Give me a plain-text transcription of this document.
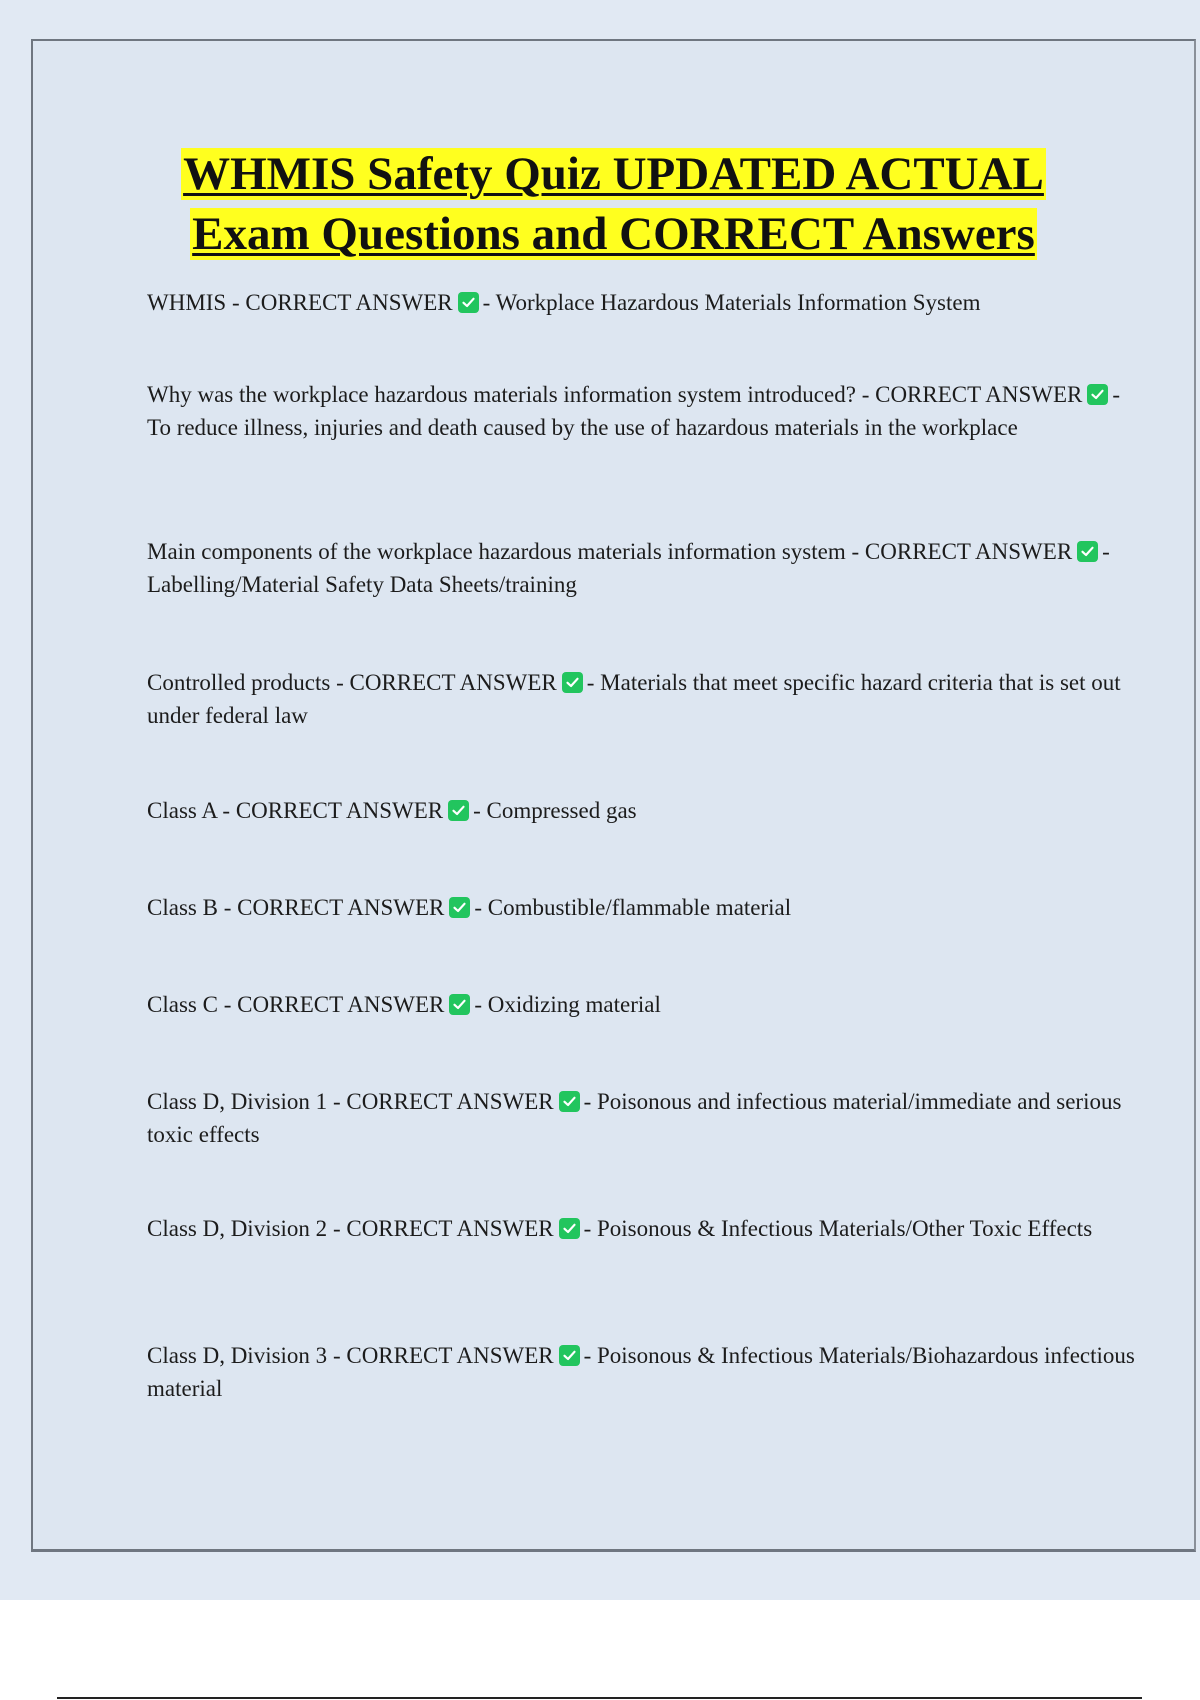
WHMIS Safety Quiz UPDATED ACTUAL
Exam Questions and CORRECT Answers

WHMIS - CORRECT ANSWER - Workplace Hazardous Materials Information System

Why was the workplace hazardous materials information system introduced? - CORRECT ANSWER - To reduce illness, injuries and death caused by the use of hazardous materials in the workplace

Main components of the workplace hazardous materials information system - CORRECT ANSWER - Labelling/Material Safety Data Sheets/training

Controlled products - CORRECT ANSWER - Materials that meet specific hazard criteria that is set out under federal law

Class A - CORRECT ANSWER - Compressed gas

Class B - CORRECT ANSWER - Combustible/flammable material

Class C - CORRECT ANSWER - Oxidizing material

Class D, Division 1 - CORRECT ANSWER - Poisonous and infectious material/immediate and serious toxic effects

Class D, Division 2 - CORRECT ANSWER - Poisonous & Infectious Materials/Other Toxic Effects

Class D, Division 3 - CORRECT ANSWER - Poisonous & Infectious Materials/Biohazardous infectious material
